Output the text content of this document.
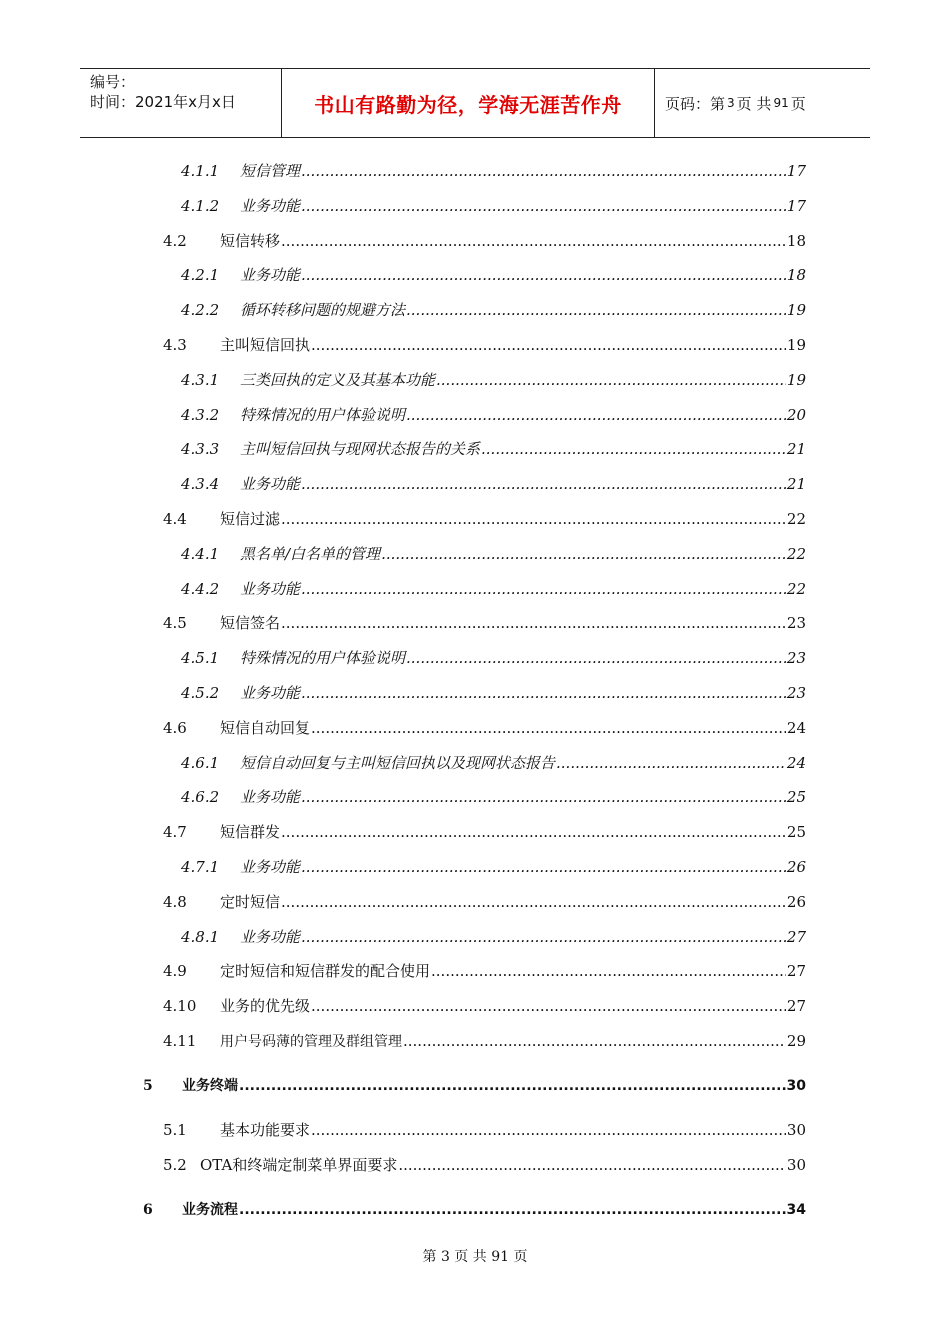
编号：
时间：2021年x月x日	书山有路勤为径，学海无涯苦作舟	页码：第 3 页 共 91 页
4.1.1	短信管理 .....	17
4.1.2	业务功能 .....	17
4.2	短信转移 .....	18
4.2.1	业务功能 .....	18
4.2.2	循环转移问题的规避方法 .....	19
4.3	主叫短信回执 .....	19
4.3.1	三类回执的定义及其基本功能 .....	19
4.3.2	特殊情况的用户体验说明 .....	20
4.3.3	主叫短信回执与现网状态报告的关系 .....	21
4.3.4	业务功能 .....	21
4.4	短信过滤 .....	22
4.4.1	黑名单/白名单的管理 .....	22
4.4.2	业务功能 .....	22
4.5	短信签名 .....	23
4.5.1	特殊情况的用户体验说明 .....	23
4.5.2	业务功能 .....	23
4.6	短信自动回复 .....	24
4.6.1	短信自动回复与主叫短信回执以及现网状态报告 .....	24
4.6.2	业务功能 .....	25
4.7	短信群发 .....	25
4.7.1	业务功能 .....	26
4.8	定时短信 .....	26
4.8.1	业务功能 .....	27
4.9	定时短信和短信群发的配合使用 .....	27
4.10	业务的优先级 .....	27
4.11	用户号码薄的管理及群组管理 .....	29
5	业务终端 .....	30
5.1	基本功能要求 .....	30
5.2 OTA和终端定制菜单界面要求 .....	30
6	业务流程 .....	34
第 3 页 共 91 页
